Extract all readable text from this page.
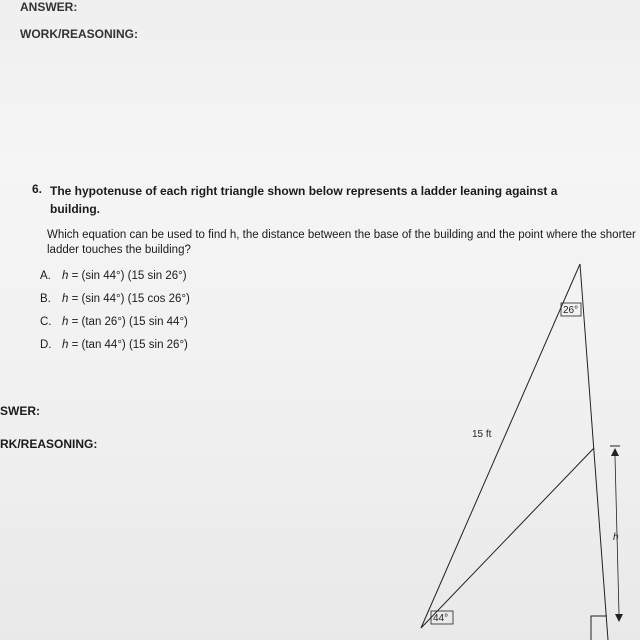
ANSWER:
WORK/REASONING:
6. The hypotenuse of each right triangle shown below represents a ladder leaning against a building.
Which equation can be used to find h, the distance between the base of the building and the point where the shorter ladder touches the building?
A. h = (sin 44°) (15 sin 26°)
B. h = (sin 44°) (15 cos 26°)
C. h = (tan 26°) (15 sin 44°)
D. h = (tan 44°) (15 sin 26°)
SWER:
RK/REASONING:
26°
44°
15 ft
h
